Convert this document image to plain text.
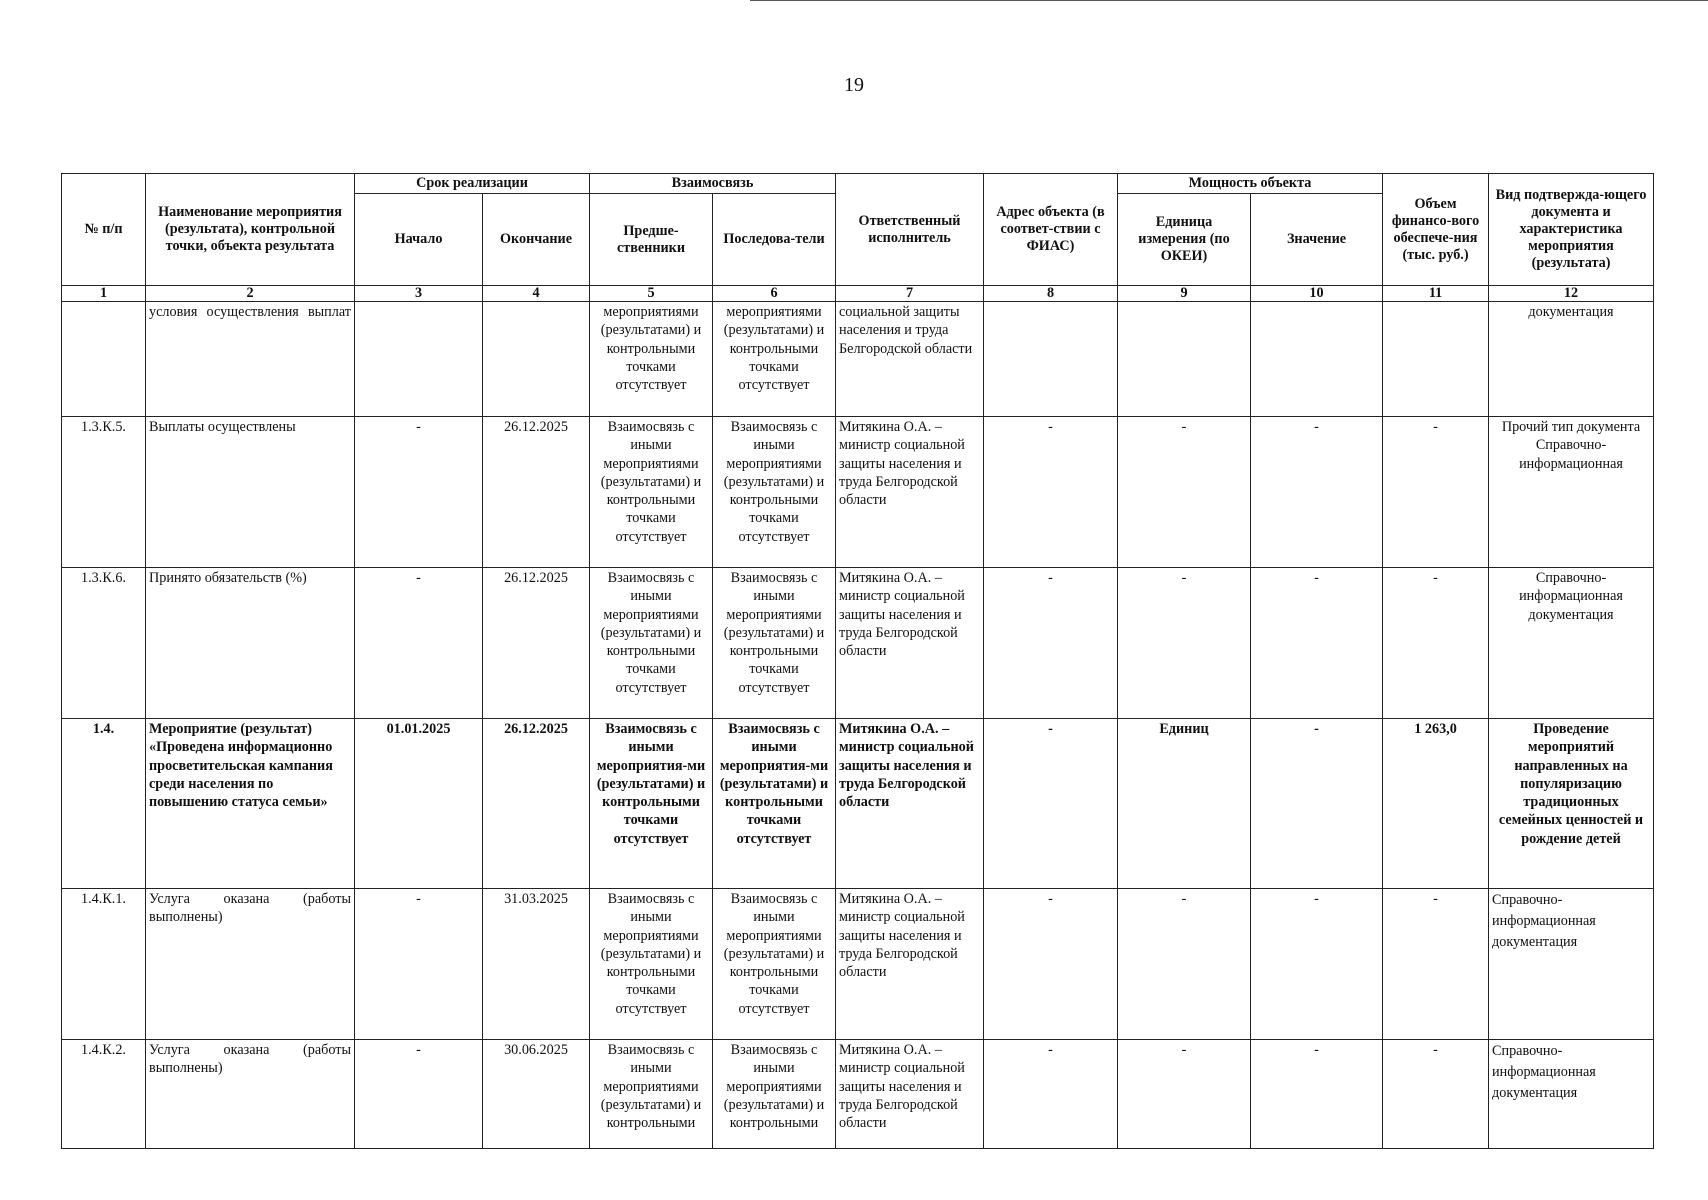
19
№ п/п	Наименование мероприятия (результата), контрольной точки, объекта результата	Срок реализации		Взаимосвязь		Ответственный исполнитель	Адрес объекта (в соответ-ствии с ФИАС)	Мощность объекта		Объем финансо-вого обеспече-ния (тыс. руб.)	Вид подтвержда-ющего документа и характеристика мероприятия (результата)
		Начало	Окончание	Предше-ственники	Последова-тели			Единица измерения (по ОКЕИ)	Значение		
1	2	3	4	5	6	7	8	9	10	11	12
	условия осуществления выплат			мероприятиями (результатами) и контрольными точками отсутствует	мероприятиями (результатами) и контрольными точками отсутствует	социальной защиты населения и труда Белгородской области					документация
1.3.К.5.	Выплаты осуществлены	-	26.12.2025	Взаимосвязь с иными мероприятиями (результатами) и контрольными точками отсутствует	Взаимосвязь с иными мероприятиями (результатами) и контрольными точками отсутствует	Митякина О.А. – министр социальной защиты населения и труда Белгородской области	-	-	-	-	Прочий тип документа Справочно-информационная
1.3.К.6.	Принято обязательств (%)	-	26.12.2025	Взаимосвязь с иными мероприятиями (результатами) и контрольными точками отсутствует	Взаимосвязь с иными мероприятиями (результатами) и контрольными точками отсутствует	Митякина О.А. – министр социальной защиты населения и труда Белгородской области	-	-	-	-	Справочно-информационная документация
1.4.	Мероприятие (результат) «Проведена информационно просветительская кампания среди населения по повышению статуса семьи»	01.01.2025	26.12.2025	Взаимосвязь с иными мероприятия-ми (результатами) и контрольными точками отсутствует	Взаимосвязь с иными мероприятия-ми (результатами) и контрольными точками отсутствует	Митякина О.А. – министр социальной защиты населения и труда Белгородской области	-	Единиц	-	1 263,0	Проведение мероприятий направленных на популяризацию традиционных семейных ценностей и рождение детей
1.4.К.1.	Услуга оказана (работы выполнены)	-	31.03.2025	Взаимосвязь с иными мероприятиями (результатами) и контрольными точками отсутствует	Взаимосвязь с иными мероприятиями (результатами) и контрольными точками отсутствует	Митякина О.А. – министр социальной защиты населения и труда Белгородской области	-	-	-	-	Справочно-информационная документация
1.4.К.2.	Услуга оказана (работы выполнены)	-	30.06.2025	Взаимосвязь с иными мероприятиями (результатами) и контрольными	Взаимосвязь с иными мероприятиями (результатами) и контрольными	Митякина О.А. – министр социальной защиты населения и труда Белгородской области	-	-	-	-	Справочно-информационная документация
